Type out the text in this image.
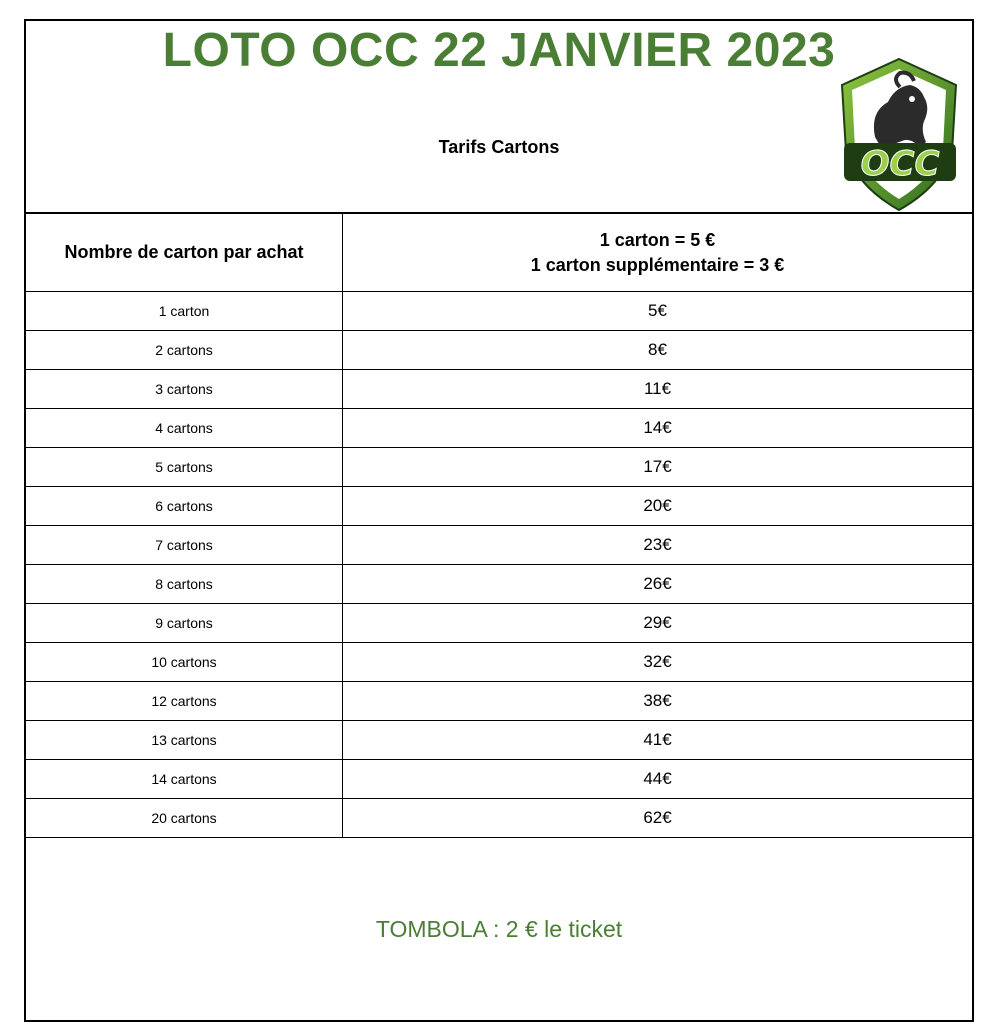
LOTO OCC 22 JANVIER 2023
Tarifs Cartons	OCC
Nombre de carton par achat	1 carton = 5 €
1 carton supplémentaire = 3 €

1 carton	5€
2 cartons	8€
3 cartons	11€
4 cartons	14€
5 cartons	17€
6 cartons	20€
7 cartons	23€
8 cartons	26€
9 cartons	29€
10 cartons	32€
12 cartons	38€
13 cartons	41€
14 cartons	44€
20 cartons	62€
TOMBOLA : 2 € le ticket
